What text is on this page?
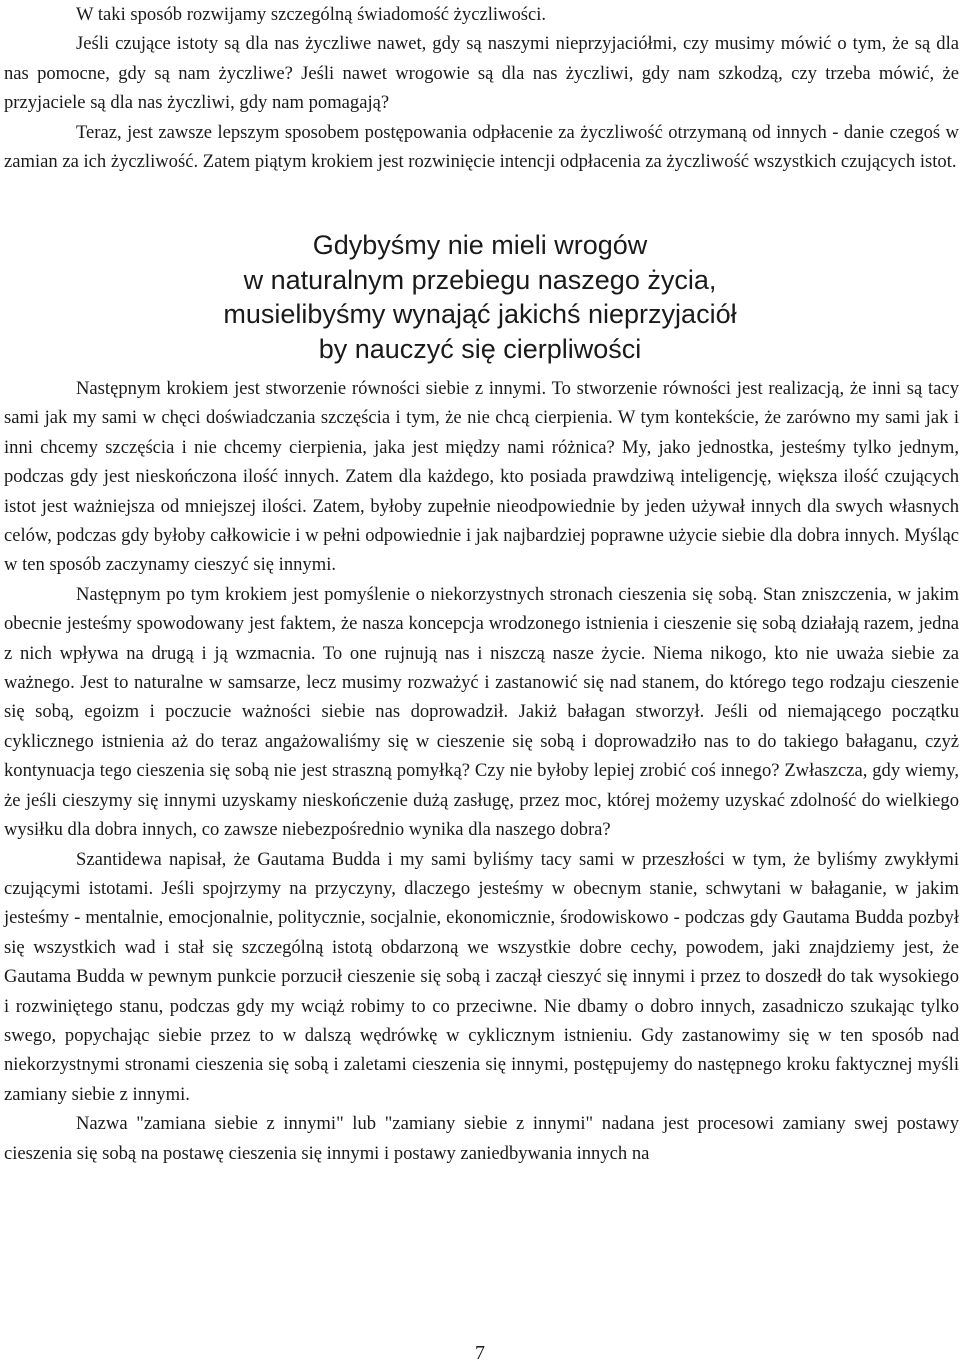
W taki sposób rozwijamy szczególną świadomość życzliwości.

Jeśli czujące istoty są dla nas życzliwe nawet, gdy są naszymi nieprzyjaciółmi, czy musimy mówić o tym, że są dla nas pomocne, gdy są nam życzliwe? Jeśli nawet wrogowie są dla nas życzliwi, gdy nam szkodzą, czy trzeba mówić, że przyjaciele są dla nas życzliwi, gdy nam pomagają?

Teraz, jest zawsze lepszym sposobem postępowania odpłacenie za życzliwość otrzymaną od innych - danie czegoś w zamian za ich życzliwość. Zatem piątym krokiem jest rozwinięcie intencji odpłacenia za życzliwość wszystkich czujących istot.

Gdybyśmy nie mieli wrogów
w naturalnym przebiegu naszego życia,
musielibyśmy wynająć jakichś nieprzyjaciół
by nauczyć się cierpliwości

Następnym krokiem jest stworzenie równości siebie z innymi. To stworzenie równości jest realizacją, że inni są tacy sami jak my sami w chęci doświadczania szczęścia i tym, że nie chcą cierpienia. W tym kontekście, że zarówno my sami jak i inni chcemy szczęścia i nie chcemy cierpienia, jaka jest między nami różnica? My, jako jednostka, jesteśmy tylko jednym, podczas gdy jest nieskończona ilość innych. Zatem dla każdego, kto posiada prawdziwą inteligencję, większa ilość czujących istot jest ważniejsza od mniejszej ilości. Zatem, byłoby zupełnie nieodpowiednie by jeden używał innych dla swych własnych celów, podczas gdy byłoby całkowicie i w pełni odpowiednie i jak najbardziej poprawne użycie siebie dla dobra innych. Myśląc w ten sposób zaczynamy cieszyć się innymi.

Następnym po tym krokiem jest pomyślenie o niekorzystnych stronach cieszenia się sobą. Stan zniszczenia, w jakim obecnie jesteśmy spowodowany jest faktem, że nasza koncepcja wrodzonego istnienia i cieszenie się sobą działają razem, jedna z nich wpływa na drugą i ją wzmacnia. To one rujnują nas i niszczą nasze życie. Niema nikogo, kto nie uważa siebie za ważnego. Jest to naturalne w samsarze, lecz musimy rozważyć i zastanowić się nad stanem, do którego tego rodzaju cieszenie się sobą, egoizm i poczucie ważności siebie nas doprowadził. Jakiż bałagan stworzył. Jeśli od niemającego początku cyklicznego istnienia aż do teraz angażowaliśmy się w cieszenie się sobą i doprowadziło nas to do takiego bałaganu, czyż kontynuacja tego cieszenia się sobą nie jest straszną pomyłką? Czy nie byłoby lepiej zrobić coś innego? Zwłaszcza, gdy wiemy, że jeśli cieszymy się innymi uzyskamy nieskończenie dużą zasługę, przez moc, której możemy uzyskać zdolność do wielkiego wysiłku dla dobra innych, co zawsze niebezpośrednio wynika dla naszego dobra?

Szantidewa napisał, że Gautama Budda i my sami byliśmy tacy sami w przeszłości w tym, że byliśmy zwykłymi czującymi istotami. Jeśli spojrzymy na przyczyny, dlaczego jesteśmy w obecnym stanie, schwytani w bałaganie, w jakim jesteśmy - mentalnie, emocjonalnie, politycznie, socjalnie, ekonomicznie, środowiskowo - podczas gdy Gautama Budda pozbył się wszystkich wad i stał się szczególną istotą obdarzoną we wszystkie dobre cechy, powodem, jaki znajdziemy jest, że Gautama Budda w pewnym punkcie porzucił cieszenie się sobą i zaczął cieszyć się innymi i przez to doszedł do tak wysokiego i rozwiniętego stanu, podczas gdy my wciąż robimy to co przeciwne. Nie dbamy o dobro innych, zasadniczo szukając tylko swego, popychając siebie przez to w dalszą wędrówkę w cyklicznym istnieniu. Gdy zastanowimy się w ten sposób nad niekorzystnymi stronami cieszenia się sobą i zaletami cieszenia się innymi, postępujemy do następnego kroku faktycznej myśli zamiany siebie z innymi.

Nazwa "zamiana siebie z innymi" lub "zamiany siebie z innymi" nadana jest procesowi zamiany swej postawy cieszenia się sobą na postawę cieszenia się innymi i postawy zaniedbywania innych na

7
